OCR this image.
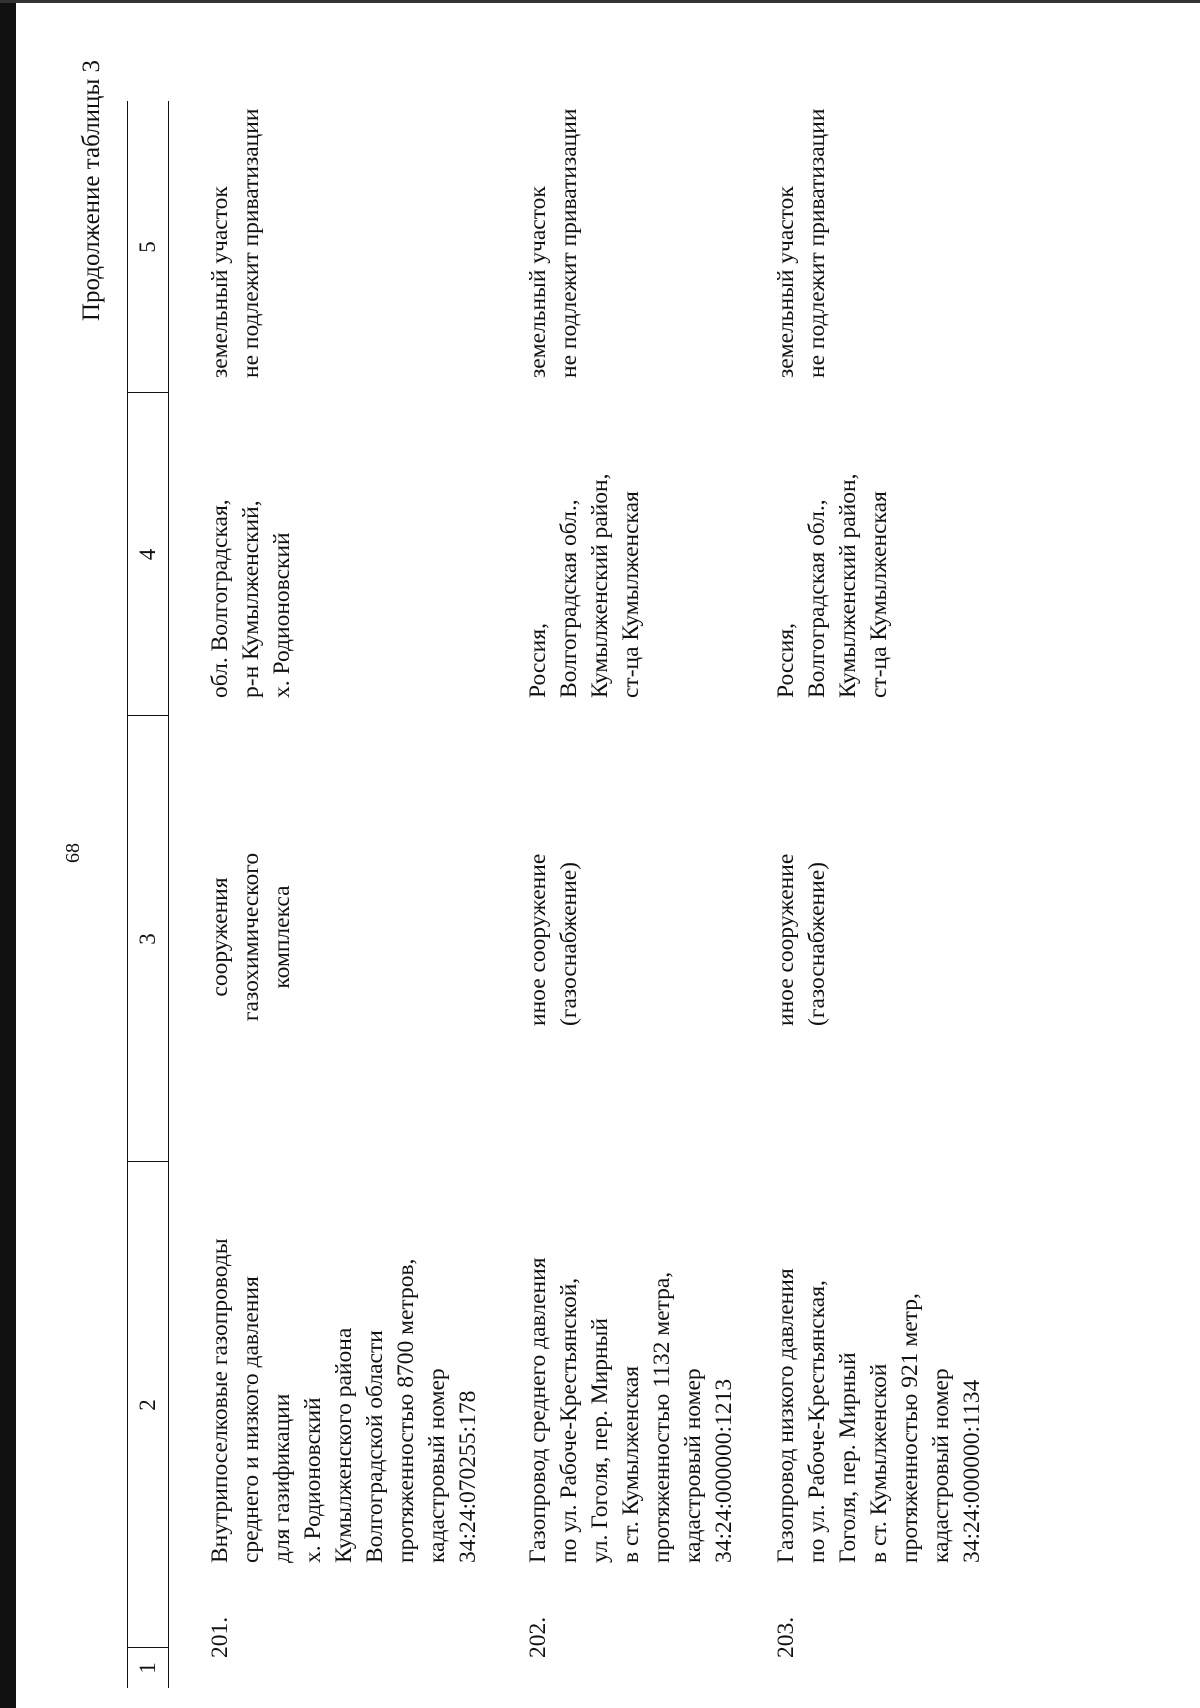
68
Продолжение таблицы 3
1
2
3
4
5
201.
Внутрипоселковые газопроводы среднего и низкого давления для газификации х. Родионовский Кумылженского района Волгоградской области протяженностью 8700 метров, кадастровый номер 34:24:070255:178
сооружения газохимического комплекса
обл. Волгоградская, р-н Кумылженский, х. Родионовский
земельный участок не подлежит приватизации
202.
Газопровод среднего давления по ул. Рабоче-Крестьянской, ул. Гоголя, пер. Мирный в ст. Кумылженская протяженностью 1132 метра, кадастровый номер 34:24:000000:1213
иное сооружение (газоснабжение)
Россия, Волгоградская обл., Кумылженский район, ст-ца Кумылженская
земельный участок не подлежит приватизации
203.
Газопровод низкого давления по ул. Рабоче-Крестьянская, Гоголя, пер. Мирный в ст. Кумылженской протяженностью 921 метр, кадастровый номер 34:24:000000:1134
иное сооружение (газоснабжение)
Россия, Волгоградская обл., Кумылженский район, ст-ца Кумылженская
земельный участок не подлежит приватизации
